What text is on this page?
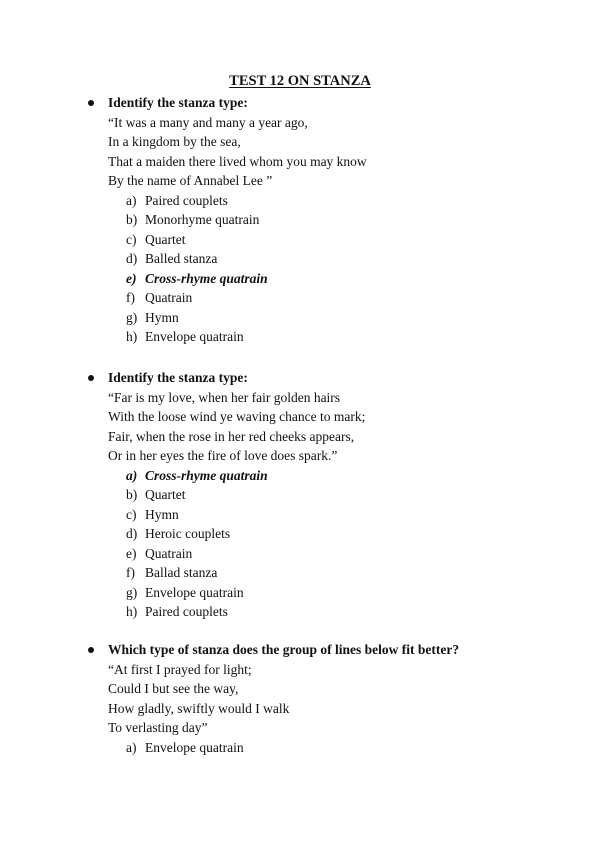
TEST 12 ON STANZA
Identify the stanza type:
“It was a many and many a year ago,
In a kingdom by the sea,
That a maiden there lived whom you may know
By the name of Annabel Lee ”
a) Paired couplets
b) Monorhyme quatrain
c) Quartet
d) Balled stanza
e) Cross-rhyme quatrain
f) Quatrain
g) Hymn
h) Envelope quatrain
Identify the stanza type:
“Far is my love, when her fair golden hairs
With the loose wind ye waving chance to mark;
Fair, when the rose in her red cheeks appears,
Or in her eyes the fire of love does spark.”
a) Cross-rhyme quatrain
b) Quartet
c) Hymn
d) Heroic couplets
e) Quatrain
f) Ballad stanza
g) Envelope quatrain
h) Paired couplets
Which type of stanza does the group of lines below fit better?
“At first I prayed for light;
Could I but see the way,
How gladly, swiftly would I walk
To verlasting day”
a) Envelope quatrain
